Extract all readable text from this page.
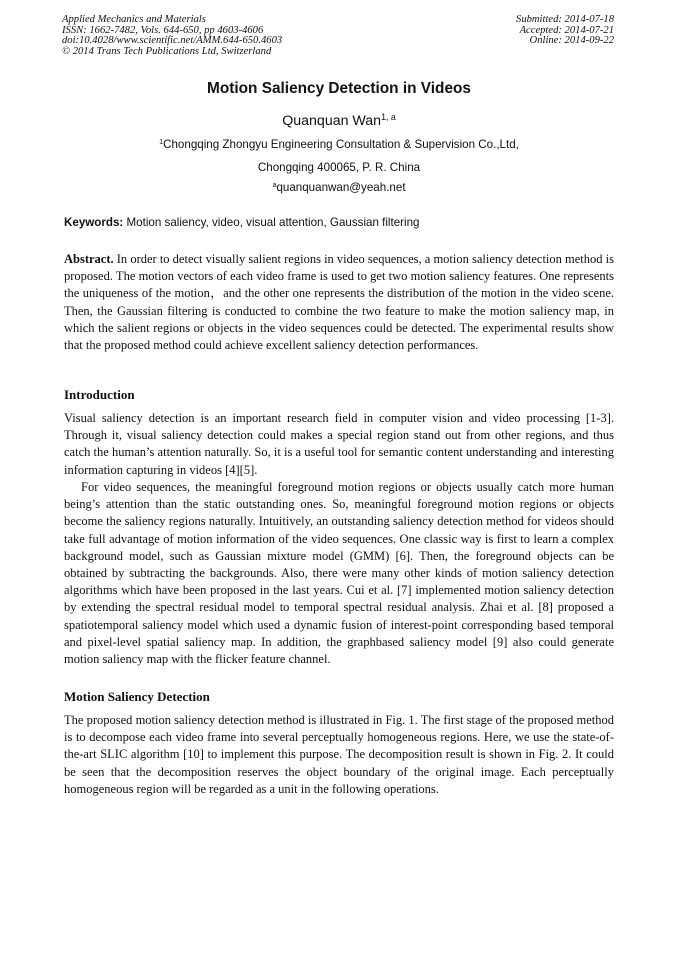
Applied Mechanics and Materials
ISSN: 1662-7482, Vols. 644-650, pp 4603-4606
doi:10.4028/www.scientific.net/AMM.644-650.4603
© 2014 Trans Tech Publications Ltd, Switzerland
Submitted: 2014-07-18
Accepted: 2014-07-21
Online: 2014-09-22
Motion Saliency Detection in Videos
Quanquan Wan$^{1, a}$
$^1$Chongqing Zhongyu Engineering Consultation & Supervision Co.,Ltd,
Chongqing 400065, P. R. China
$^a$quanquanwan@yeah.net
Keywords: Motion saliency, video, visual attention, Gaussian filtering
Abstract. In order to detect visually salient regions in video sequences, a motion saliency detection method is proposed. The motion vectors of each video frame is used to get two motion saliency features. One represents the uniqueness of the motion，and the other one represents the distribution of the motion in the video scene. Then, the Gaussian filtering is conducted to combine the two feature to make the motion saliency map, in which the salient regions or objects in the video sequences could be detected. The experimental results show that the proposed method could achieve excellent saliency detection performances.
Introduction
Visual saliency detection is an important research field in computer vision and video processing [1-3]. Through it, visual saliency detection could makes a special region stand out from other regions, and thus catch the human’s attention naturally. So, it is a useful tool for semantic content understanding and interesting information capturing in videos [4][5].
For video sequences, the meaningful foreground motion regions or objects usually catch more human being’s attention than the static outstanding ones. So, meaningful foreground motion regions or objects become the saliency regions naturally. Intuitively, an outstanding saliency detection method for videos should take full advantage of motion information of the video sequences. One classic way is first to learn a complex background model, such as Gaussian mixture model (GMM) [6]. Then, the foreground objects can be obtained by subtracting the backgrounds. Also, there were many other kinds of motion saliency detection algorithms which have been proposed in the last years. Cui et al. [7] implemented motion saliency detection by extending the spectral residual model to temporal spectral residual analysis. Zhai et al. [8] proposed a spatiotemporal saliency model which used a dynamic fusion of interest-point corresponding based temporal and pixel-level spatial saliency map. In addition, the graphbased saliency model [9] also could generate motion saliency map with the flicker feature channel.
Motion Saliency Detection
The proposed motion saliency detection method is illustrated in Fig. 1. The first stage of the proposed method is to decompose each video frame into several perceptually homogeneous regions. Here, we use the state-of-the-art SLIC algorithm [10] to implement this purpose. The decomposition result is shown in Fig. 2. It could be seen that the decomposition reserves the object boundary of the original image. Each perceptually homogeneous region will be regarded as a unit in the following operations.
